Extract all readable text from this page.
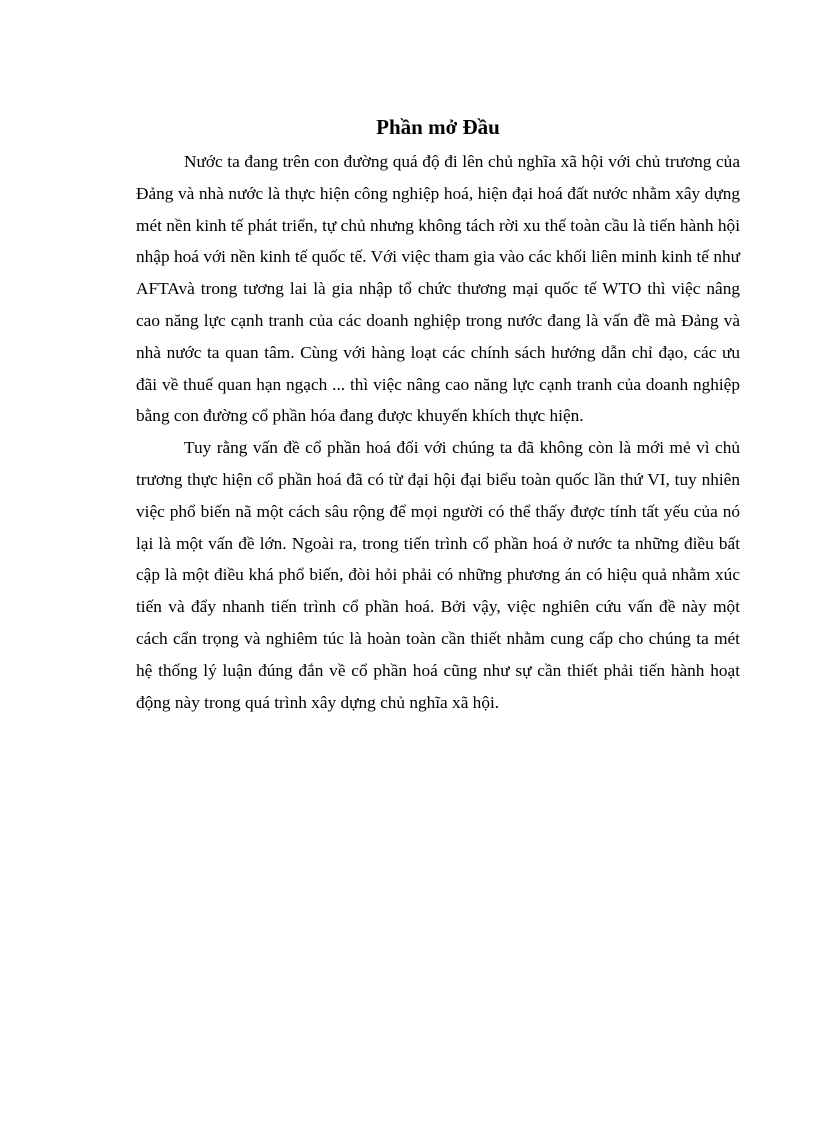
Phần mở Đầu

Nước ta đang trên con đường quá độ đi lên chủ nghĩa xã hội với chủ trương của Đảng và nhà nước là thực hiện công nghiệp hoá, hiện đại hoá đất nước nhằm xây dựng mét nền kinh tế phát triển, tự chủ nhưng không tách rời xu thế toàn cầu là tiến hành hội nhập hoá với nền kinh tế quốc tế. Với việc tham gia vào các khối liên minh kinh tế như AFTAvà trong tương lai là gia nhập tổ chức thương mại quốc tế WTO thì việc nâng cao năng lực cạnh tranh của các doanh nghiệp trong nước đang là vấn đề mà Đảng và nhà nước ta quan tâm. Cùng với hàng loạt các chính sách hướng dẫn chỉ đạo, các ưu đãi về thuế quan hạn ngạch ... thì việc nâng cao năng lực cạnh tranh của doanh nghiệp bằng con đường cổ phần hóa đang được khuyến khích thực hiện.

Tuy rằng vấn đề cổ phần hoá đối với chúng ta đã không còn là mới mẻ vì chủ trương thực hiện cổ phần hoá đã có từ đại hội đại biểu toàn quốc lần thứ VI, tuy nhiên việc phổ biến nã một cách sâu rộng để mọi người có thể thấy được tính tất yếu của nó lại là một vấn đề lớn. Ngoài ra, trong tiến trình cổ phần hoá ở nước ta những điều bất cập là một điều khá phổ biến, đòi hỏi phải có những phương án có hiệu quả nhằm xúc tiến và đẩy nhanh tiến trình cổ phần hoá. Bởi vậy, việc nghiên cứu vấn đề này một cách cẩn trọng và nghiêm túc là hoàn toàn cần thiết nhằm cung cấp cho chúng ta mét hệ thống lý luận đúng đắn về cổ phần hoá cũng như sự cần thiết phải tiến hành hoạt động này trong quá trình xây dựng chủ nghĩa xã hội.
